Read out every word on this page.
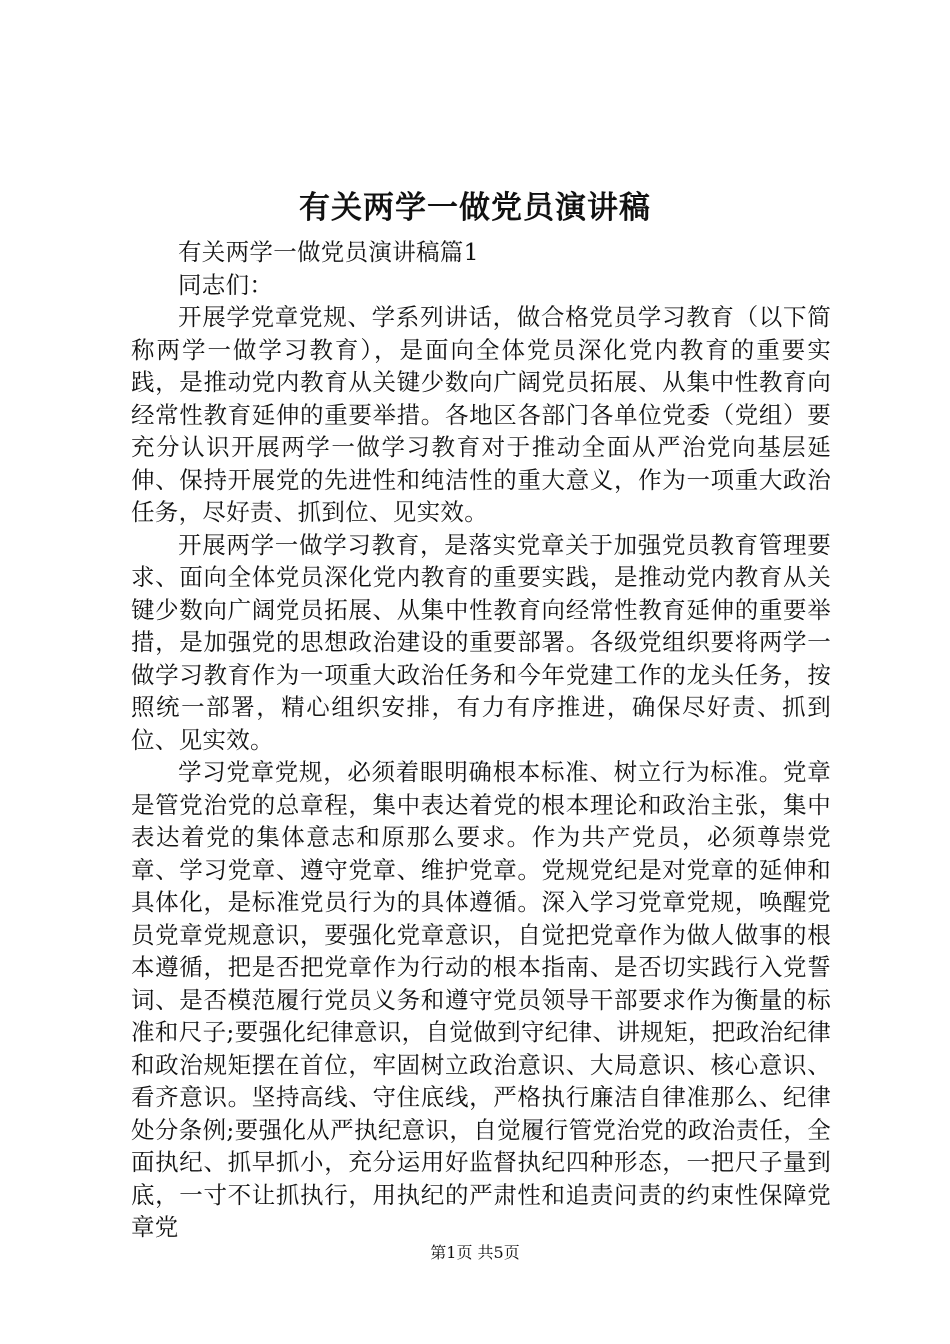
有关两学一做党员演讲稿

有关两学一做党员演讲稿篇1

同志们：

开展学党章党规、学系列讲话，做合格党员学习教育（以下简称两学一做学习教育），是面向全体党员深化党内教育的重要实践，是推动党内教育从关键少数向广阔党员拓展、从集中性教育向经常性教育延伸的重要举措。各地区各部门各单位党委（党组）要充分认识开展两学一做学习教育对于推动全面从严治党向基层延伸、保持开展党的先进性和纯洁性的重大意义，作为一项重大政治任务，尽好责、抓到位、见实效。

开展两学一做学习教育，是落实党章关于加强党员教育管理要求、面向全体党员深化党内教育的重要实践，是推动党内教育从关键少数向广阔党员拓展、从集中性教育向经常性教育延伸的重要举措，是加强党的思想政治建设的重要部署。各级党组织要将两学一做学习教育作为一项重大政治任务和今年党建工作的龙头任务，按照统一部署，精心组织安排，有力有序推进，确保尽好责、抓到位、见实效。

学习党章党规，必须着眼明确根本标准、树立行为标准。党章是管党治党的总章程，集中表达着党的根本理论和政治主张，集中表达着党的集体意志和原那么要求。作为共产党员，必须尊崇党章、学习党章、遵守党章、维护党章。党规党纪是对党章的延伸和具体化，是标准党员行为的具体遵循。深入学习党章党规，唤醒党员党章党规意识，要强化党章意识，自觉把党章作为做人做事的根本遵循，把是否把党章作为行动的根本指南、是否切实践行入党誓词、是否模范履行党员义务和遵守党员领导干部要求作为衡量的标准和尺子;要强化纪律意识，自觉做到守纪律、讲规矩，把政治纪律和政治规矩摆在首位，牢固树立政治意识、大局意识、核心意识、看齐意识。坚持高线、守住底线，严格执行廉洁自律准那么、纪律处分条例;要强化从严执纪意识，自觉履行管党治党的政治责任，全面执纪、抓早抓小，充分运用好监督执纪四种形态，一把尺子量到底，一寸不让抓执行，用执纪的严肃性和追责问责的约束性保障党章党

第1页 共5页
